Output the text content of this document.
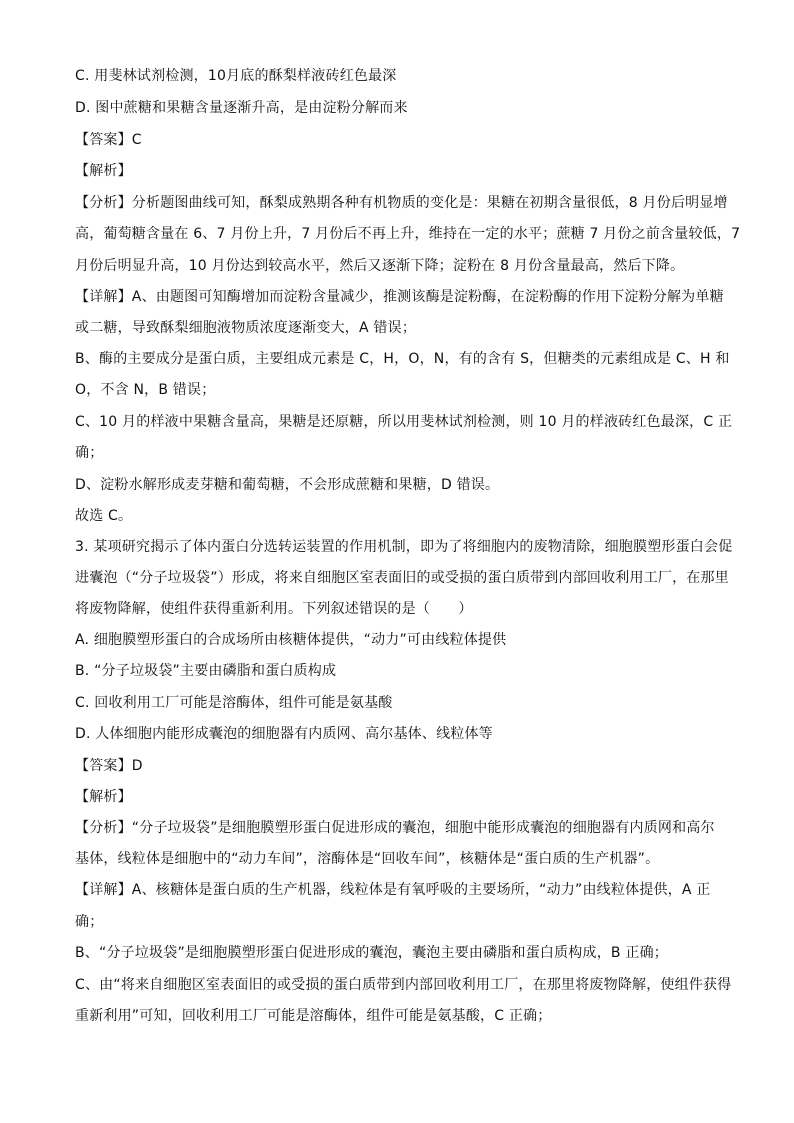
C. 用斐林试剂检测，10月底的酥梨样液砖红色最深
D. 图中蔗糖和果糖含量逐渐升高，是由淀粉分解而来
【答案】C
【解析】
【分析】分析题图曲线可知，酥梨成熟期各种有机物质的变化是：果糖在初期含量很低，8 月份后明显增
高，葡萄糖含量在 6、7 月份上升，7 月份后不再上升，维持在一定的水平；蔗糖 7 月份之前含量较低，7
月份后明显升高，10 月份达到较高水平，然后又逐渐下降；淀粉在 8 月份含量最高，然后下降。
【详解】A、由题图可知酶增加而淀粉含量减少，推测该酶是淀粉酶，在淀粉酶的作用下淀粉分解为单糖
或二糖，导致酥梨细胞液物质浓度逐渐变大，A 错误；
B、酶的主要成分是蛋白质，主要组成元素是 C，H，O，N，有的含有 S，但糖类的元素组成是 C、H 和
O，不含 N，B 错误；
C、10 月的样液中果糖含量高，果糖是还原糖，所以用斐林试剂检测，则 10 月的样液砖红色最深，C 正
确；
D、淀粉水解形成麦芽糖和葡萄糖，不会形成蔗糖和果糖，D 错误。
故选 C。
3. 某项研究揭示了体内蛋白分选转运装置的作用机制，即为了将细胞内的废物清除，细胞膜塑形蛋白会促
进囊泡（“分子垃圾袋”）形成，将来自细胞区室表面旧的或受损的蛋白质带到内部回收利用工厂，在那里
将废物降解，使组件获得重新利用。下列叙述错误的是（　　）
A. 细胞膜塑形蛋白的合成场所由核糖体提供，“动力”可由线粒体提供
B. “分子垃圾袋”主要由磷脂和蛋白质构成
C. 回收利用工厂可能是溶酶体，组件可能是氨基酸
D. 人体细胞内能形成囊泡的细胞器有内质网、高尔基体、线粒体等
【答案】D
【解析】
【分析】“分子垃圾袋”是细胞膜塑形蛋白促进形成的囊泡，细胞中能形成囊泡的细胞器有内质网和高尔
基体，线粒体是细胞中的“动力车间”，溶酶体是“回收车间”，核糖体是“蛋白质的生产机器”。
【详解】A、核糖体是蛋白质的生产机器，线粒体是有氧呼吸的主要场所，“动力”由线粒体提供，A 正
确；
B、“分子垃圾袋”是细胞膜塑形蛋白促进形成的囊泡，囊泡主要由磷脂和蛋白质构成，B 正确；
C、由“将来自细胞区室表面旧的或受损的蛋白质带到内部回收利用工厂，在那里将废物降解，使组件获得
重新利用”可知，回收利用工厂可能是溶酶体，组件可能是氨基酸，C 正确；
